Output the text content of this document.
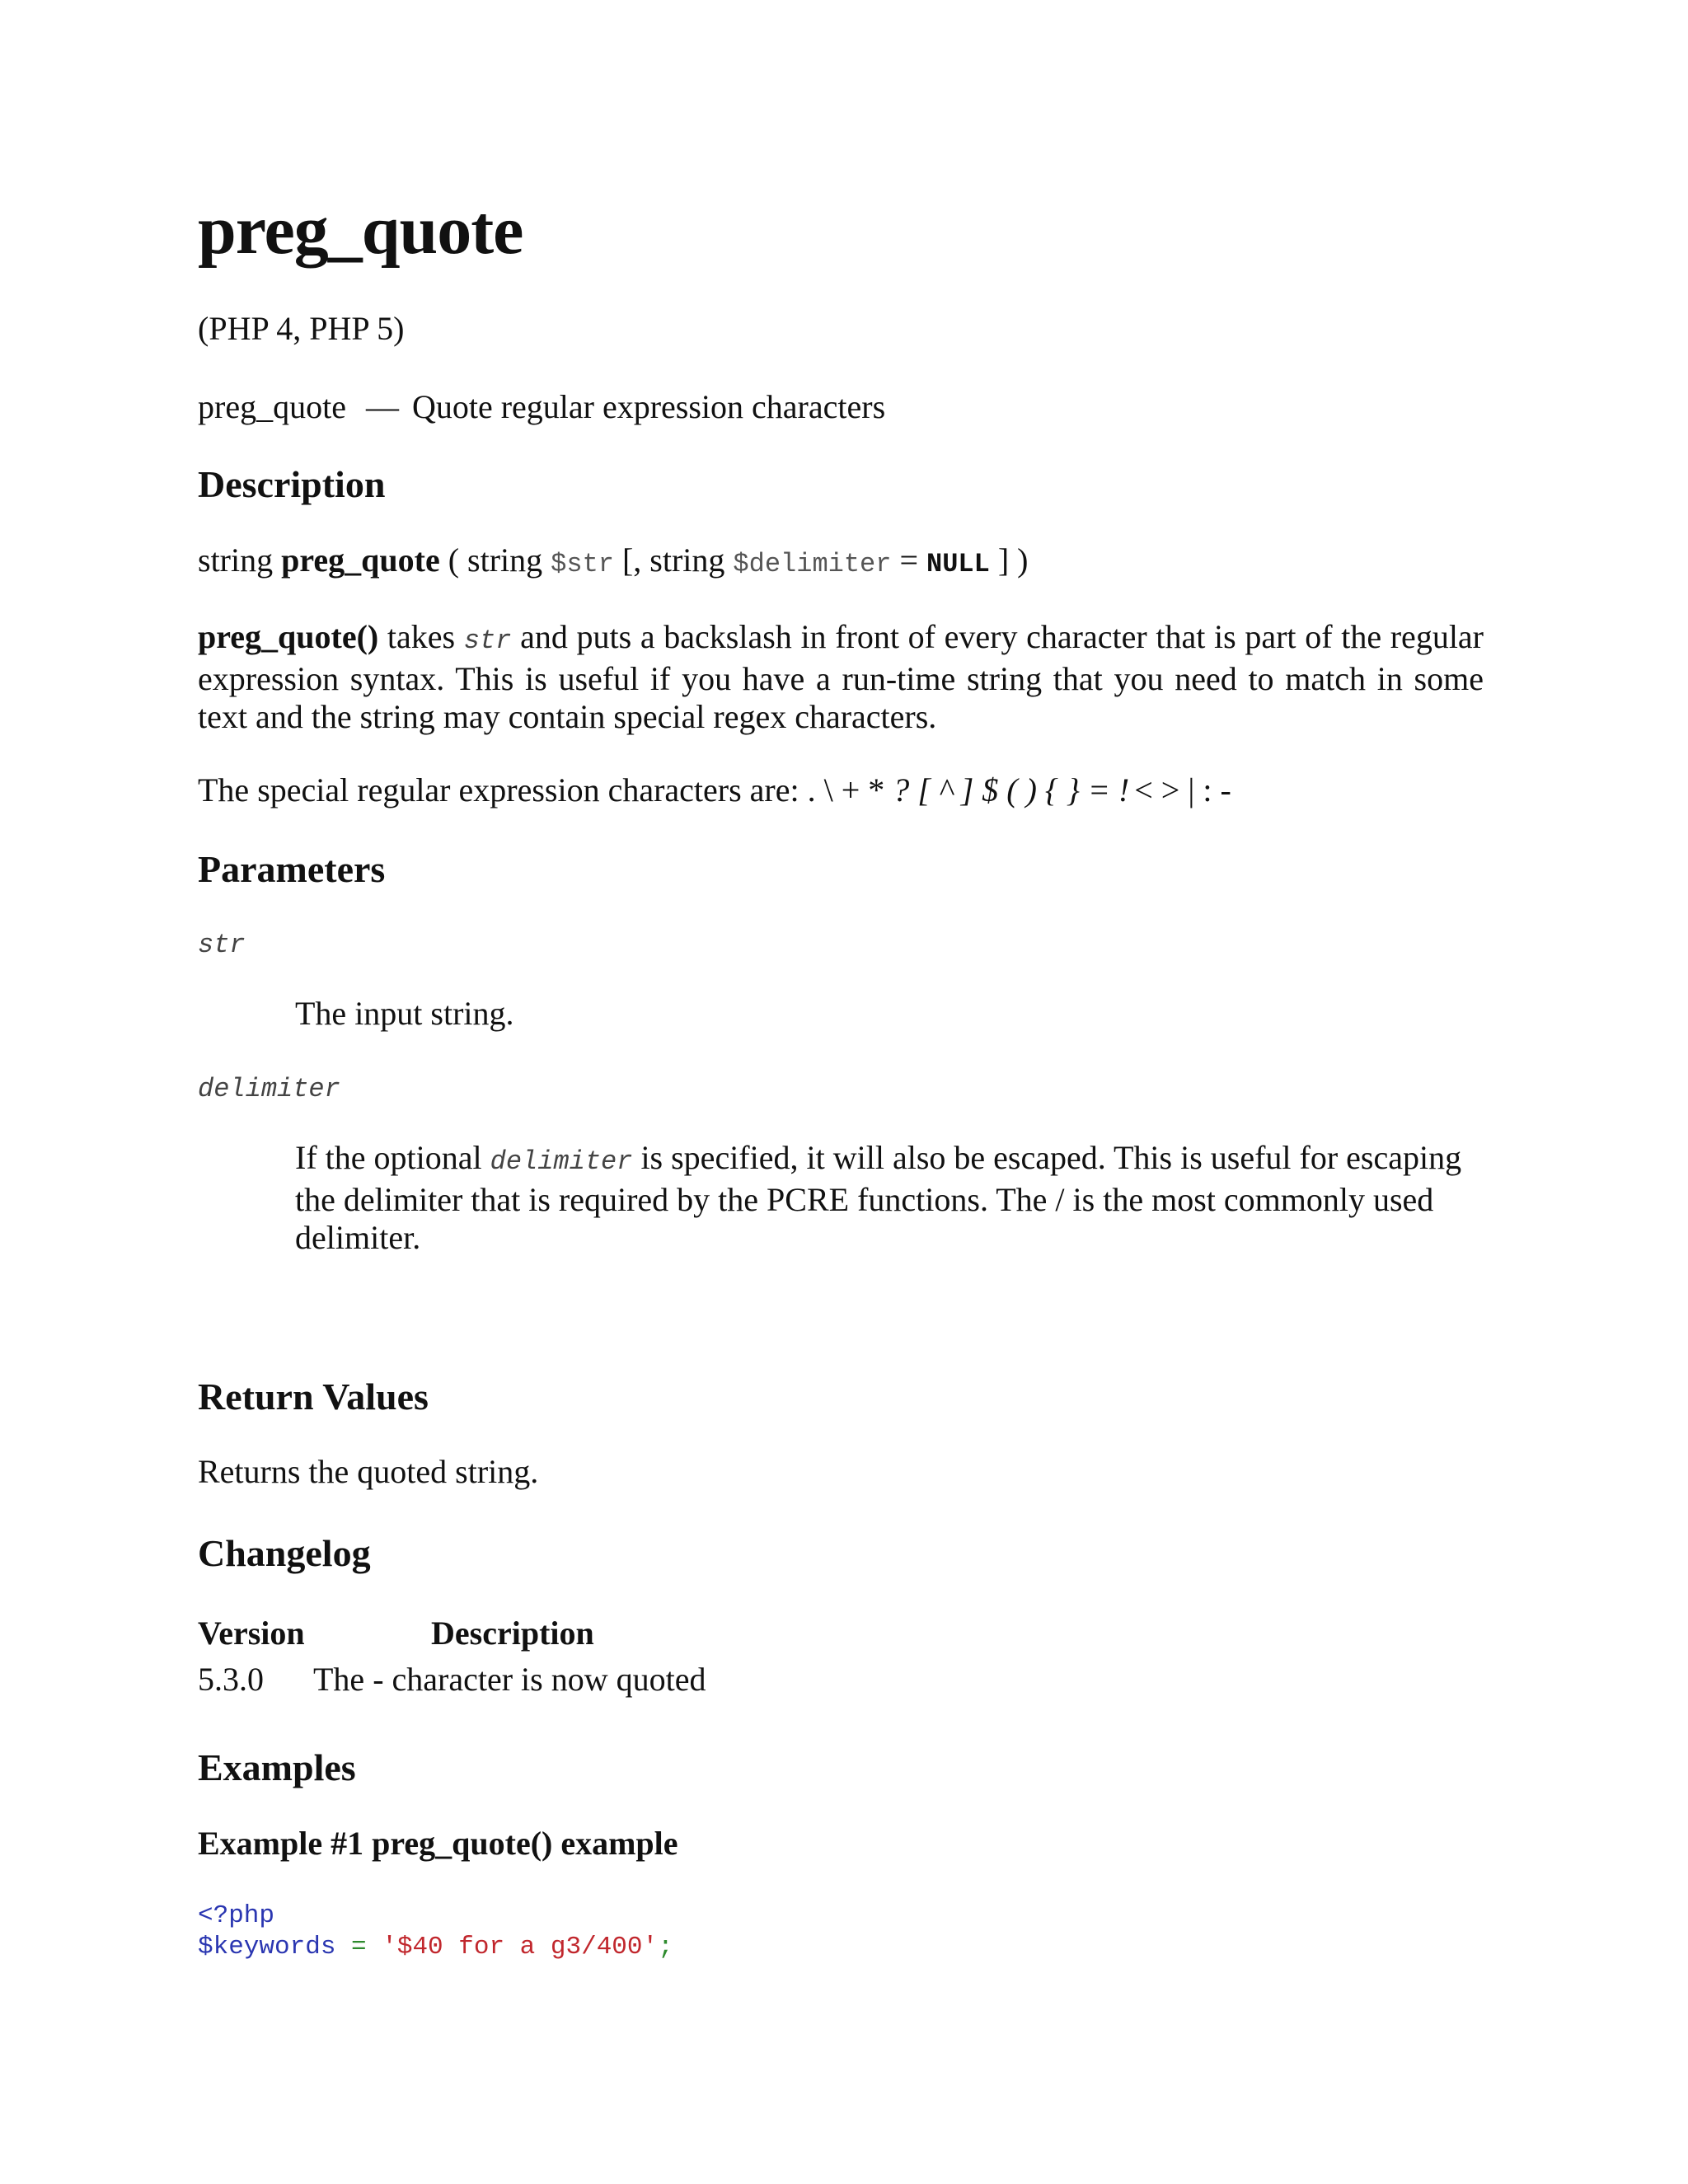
preg_quote
(PHP 4, PHP 5)
preg_quote — Quote regular expression characters
Description
string preg_quote ( string $str [, string $delimiter = NULL ] )
preg_quote() takes str and puts a backslash in front of every character that is part of the regular expression syntax. This is useful if you have a run-time string that you need to match in some text and the string may contain special regex characters.
The special regular expression characters are: . \ + * ? [ ^ ] $ ( ) { } = ! < > | : -
Parameters
str
The input string.
delimiter
If the optional delimiter is specified, it will also be escaped. This is useful for escaping the delimiter that is required by the PCRE functions. The / is the most commonly used delimiter.
Return Values
Returns the quoted string.
Changelog
Version	Description
5.3.0 The - character is now quoted
Examples
Example #1 preg_quote() example
<?php
$keywords = '$40 for a g3/400';
